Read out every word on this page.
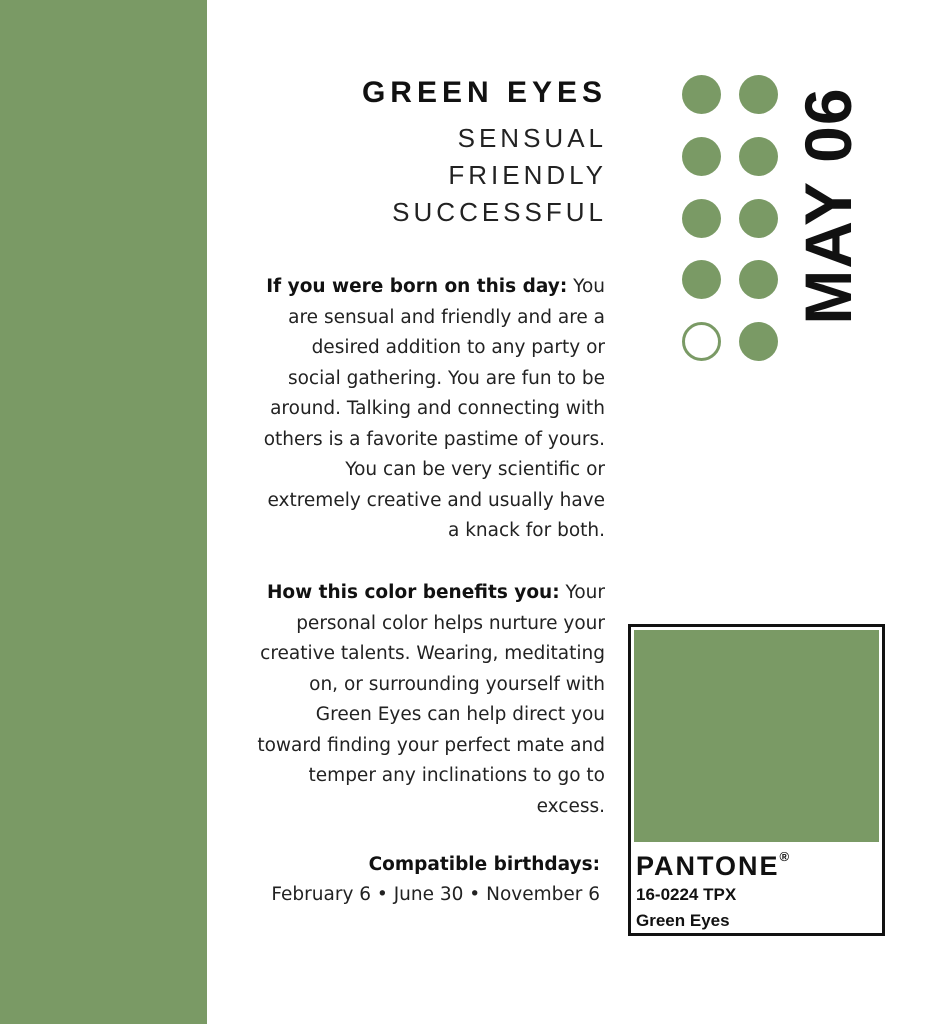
GREEN EYES
SENSUAL
FRIENDLY
SUCCESSFUL
If you were born on this day: You are sensual and friendly and are a desired addition to any party or social gathering. You are fun to be around. Talking and connecting with others is a favorite pastime of yours. You can be very scientific or extremely creative and usually have a knack for both.
How this color benefits you: Your personal color helps nurture your creative talents. Wearing, meditating on, or surrounding yourself with Green Eyes can help direct you toward finding your perfect mate and temper any inclinations to go to excess.
Compatible birthdays:
February 6 • June 30 • November 6
MAY 06
PANTONE®
16-0224 TPX
Green Eyes
